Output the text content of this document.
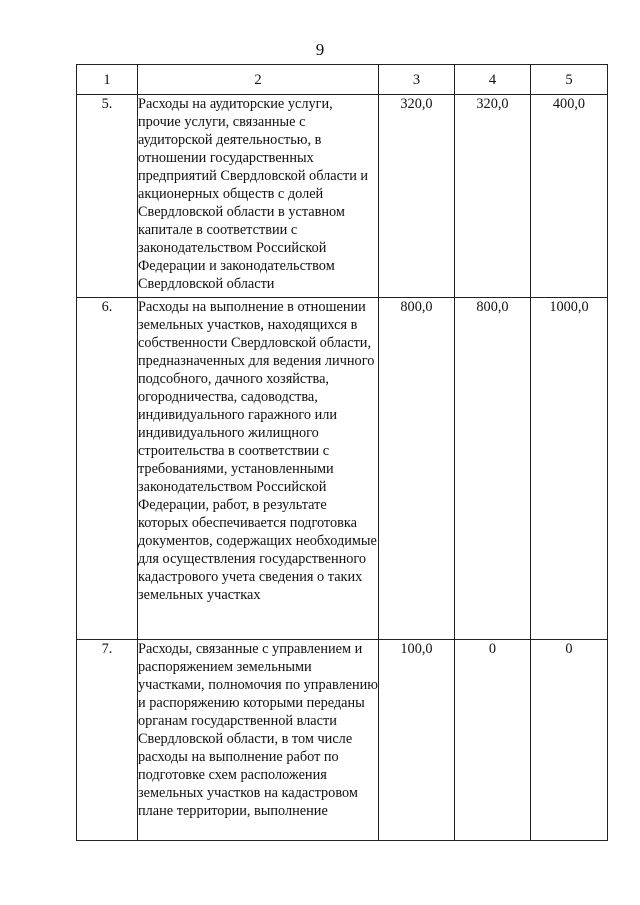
9
1	2	3	4	5
5.	Расходы на аудиторские услуги, прочие услуги, связанные с аудиторской деятельностью, в отношении государственных предприятий Свердловской области и акционерных обществ с долей Свердловской области в уставном капитале в соответствии с законодательством Российской Федерации и законодательством Свердловской области	320,0	320,0	400,0
6.	Расходы на выполнение в отношении земельных участков, находящихся в собственности Свердловской области, предназначенных для ведения личного подсобного, дачного хозяйства, огородничества, садоводства, индивидуального гаражного или индивидуального жилищного строительства в соответствии с требованиями, установленными законодательством Российской Федерации, работ, в результате которых обеспечивается подготовка документов, содержащих необходимые для осуществления государственного кадастрового учета сведения о таких земельных участках	800,0	800,0	1000,0
7.	Расходы, связанные с управлением и распоряжением земельными участками, полномочия по управлению и распоряжению которыми переданы органам государственной власти Свердловской области, в том числе расходы на выполнение работ по подготовке схем расположения земельных участков на кадастровом плане территории, выполнение	100,0	0	0
